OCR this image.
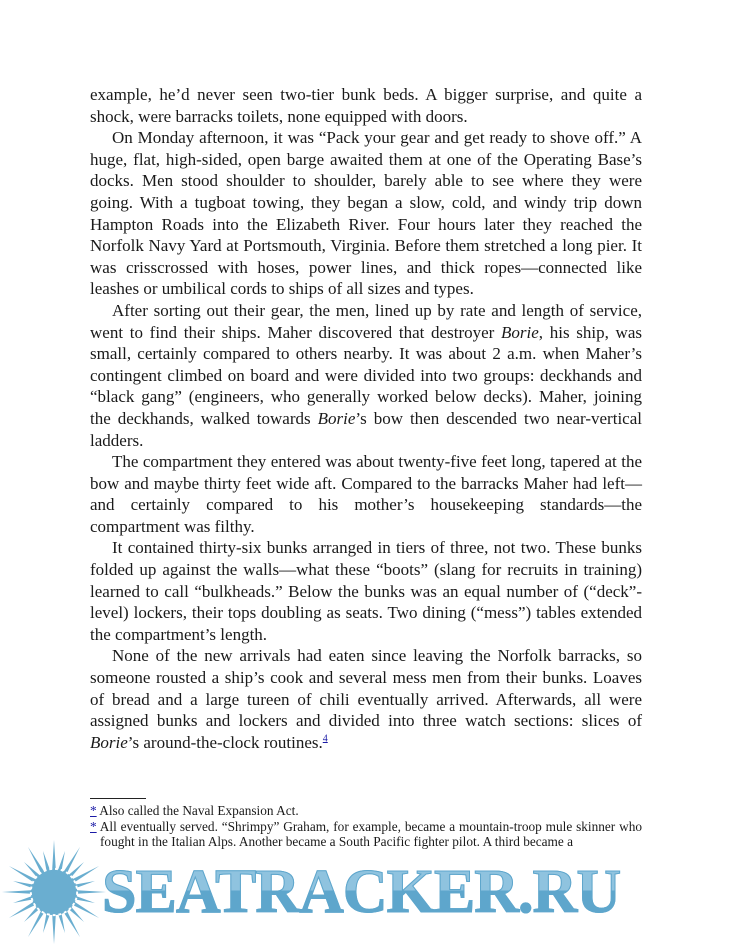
example, he’d never seen two-tier bunk beds. A bigger surprise, and quite a shock, were barracks toilets, none equipped with doors.

On Monday afternoon, it was “Pack your gear and get ready to shove off.” A huge, flat, high-sided, open barge awaited them at one of the Operating Base’s docks. Men stood shoulder to shoulder, barely able to see where they were going. With a tugboat towing, they began a slow, cold, and windy trip down Hampton Roads into the Elizabeth River. Four hours later they reached the Norfolk Navy Yard at Portsmouth, Virginia. Before them stretched a long pier. It was crisscrossed with hoses, power lines, and thick ropes—connected like leashes or umbilical cords to ships of all sizes and types.

After sorting out their gear, the men, lined up by rate and length of service, went to find their ships. Maher discovered that destroyer Borie, his ship, was small, certainly compared to others nearby. It was about 2 a.m. when Maher’s contingent climbed on board and were divided into two groups: deckhands and “black gang” (engineers, who generally worked below decks). Maher, joining the deckhands, walked towards Borie’s bow then descended two near-vertical ladders.

The compartment they entered was about twenty-five feet long, tapered at the bow and maybe thirty feet wide aft. Compared to the barracks Maher had left—and certainly compared to his mother’s housekeeping standards—the compartment was filthy.

It contained thirty-six bunks arranged in tiers of three, not two. These bunks folded up against the walls—what these “boots” (slang for recruits in training) learned to call “bulkheads.” Below the bunks was an equal number of (“deck”-level) lockers, their tops doubling as seats. Two dining (“mess”) tables extended the compartment’s length.

None of the new arrivals had eaten since leaving the Norfolk barracks, so someone rousted a ship’s cook and several mess men from their bunks. Loaves of bread and a large tureen of chili eventually arrived. Afterwards, all were assigned bunks and lockers and divided into three watch sections: slices of Borie’s around-the-clock routines.$^4$

* Also called the Naval Expansion Act.

* All eventually served. “Shrimpy” Graham, for example, became a mountain-troop mule skinner who fought in the Italian Alps. Another became a South Pacific fighter pilot. A third became a

SEATRACKER.RU
